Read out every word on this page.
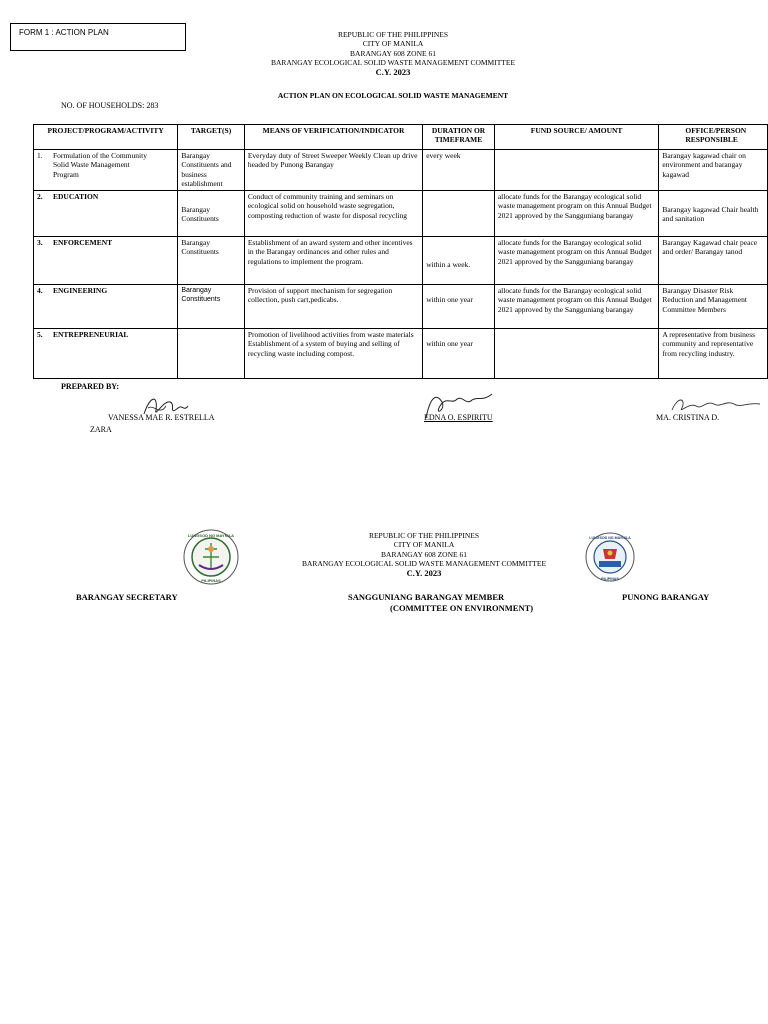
FORM 1 : ACTION PLAN	REPUBLIC OF THE PHILIPPINES
CITY OF MANILA
BARANGAY 608 ZONE 61
BARANGAY ECOLOGICAL SOLID WASTE MANAGEMENT COMMITTEE
C.Y. 2023
ACTION PLAN ON ECOLOGICAL SOLID WASTE MANAGEMENT
NO. OF HOUSEHOLDS: 283
PROJECT/PROGRAM/ACTIVITY	TARGET(S)	MEANS OF VERIFICATION/INDICATOR	DURATION OR TIMEFRAME	FUND SOURCE/ AMOUNT	OFFICE/PERSON RESPONSIBLE
1. Formulation of the Community Solid Waste Management Program	Barangay Constituents and business establishment	Everyday duty of Street Sweeper Weekly Clean up drive headed by Punong Barangay	every week		Barangay kagawad chair on environment and barangay kagawad
2. EDUCATION	Barangay Constituents	Conduct of community training and seminars on ecological solid on household waste segregation, composting reduction of waste for disposal recycling		allocate funds for the Barangay ecological solid waste management program on this Annual Budget 2021 approved by the Sangguniang barangay	Barangay kagawad Chair health and sanitation
3. ENFORCEMENT	Barangay Constituents	Establishment of an award system and other incentives in the Barangay ordinances and other rules and regulations to implement the program.	within a week.	allocate funds for the Barangay ecological solid waste management program on this Annual Budget 2021 approved by the Sangguniang barangay	Barangay Kagawad chair peace and order/ Barangay tanod
4. ENGINEERING	Barangay Constituents	Provision of support mechanism for segregation collection, push cart,pedicabs.	within one year	allocate funds for the Barangay ecological solid waste management program on this Annual Budget 2021 approved by the Sangguniang barangay	Barangay Disaster Risk Reduction and Management Committee Members
5. ENTREPRENEURIAL		Promotion of livelihood activities from waste materials Establishment of a system of buying and selling of recycling waste including compost.	within one year		A representative from business community and representative from recycling industry.
PREPARED BY:
VANESSA MAE R. ESTRELLA
ZARA
EDNA O. ESPIRITU	MA. CRISTINA D.
LUNGSOD NG MAYNILA
PILIPINAS
REPUBLIC OF THE PHILIPPINES
CITY OF MANILA
BARANGAY 608 ZONE 61
BARANGAY ECOLOGICAL SOLID WASTE MANAGEMENT COMMITTEE
C.Y. 2023
LUNGSOD NG MAYNILA
PILIPINAS
BARANGAY SECRETARY	SANGGUNIANG BARANGAY MEMBER
(COMMITTEE ON ENVIRONMENT)
PUNONG BARANGAY
